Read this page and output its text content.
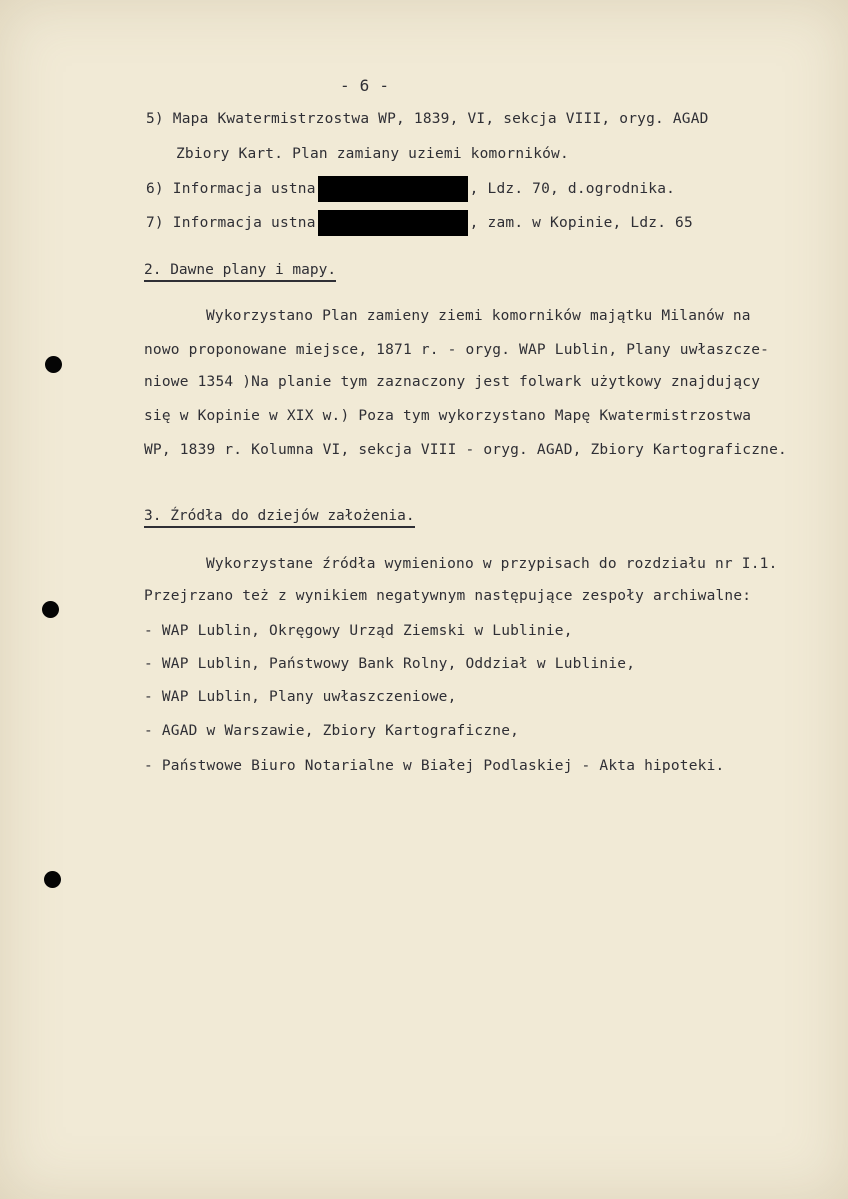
- 6 -
5) Mapa Kwatermistrzostwa WP, 1839, VI, sekcja VIII, oryg. AGAD
Zbiory Kart. Plan zamiany uziemi komorników.
6) Informacja ustna	, Ldz. 70, d.ogrodnika.
7) Informacja ustna	, zam. w Kopinie, Ldz. 65
2. Dawne plany i mapy.
Wykorzystano Plan zamieny ziemi komorników majątku Milanów na
nowo proponowane miejsce, 1871 r. - oryg. WAP Lublin, Plany uwłaszcze-
niowe 1354 )Na planie tym zaznaczony jest folwark użytkowy znajdujący
się w Kopinie w XIX w.) Poza tym wykorzystano Mapę Kwatermistrzostwa
WP, 1839 r. Kolumna VI, sekcja VIII - oryg. AGAD, Zbiory Kartograficzne.
3. Źródła do dziejów założenia.
Wykorzystane źródła wymieniono w przypisach do rozdziału nr I.1.
Przejrzano też z wynikiem negatywnym następujące zespoły archiwalne:
- WAP Lublin, Okręgowy Urząd Ziemski w Lublinie,
- WAP Lublin, Państwowy Bank Rolny, Oddział w Lublinie,
- WAP Lublin, Plany uwłaszczeniowe,
- AGAD w Warszawie, Zbiory Kartograficzne,
- Państwowe Biuro Notarialne w Białej Podlaskiej - Akta hipoteki.
